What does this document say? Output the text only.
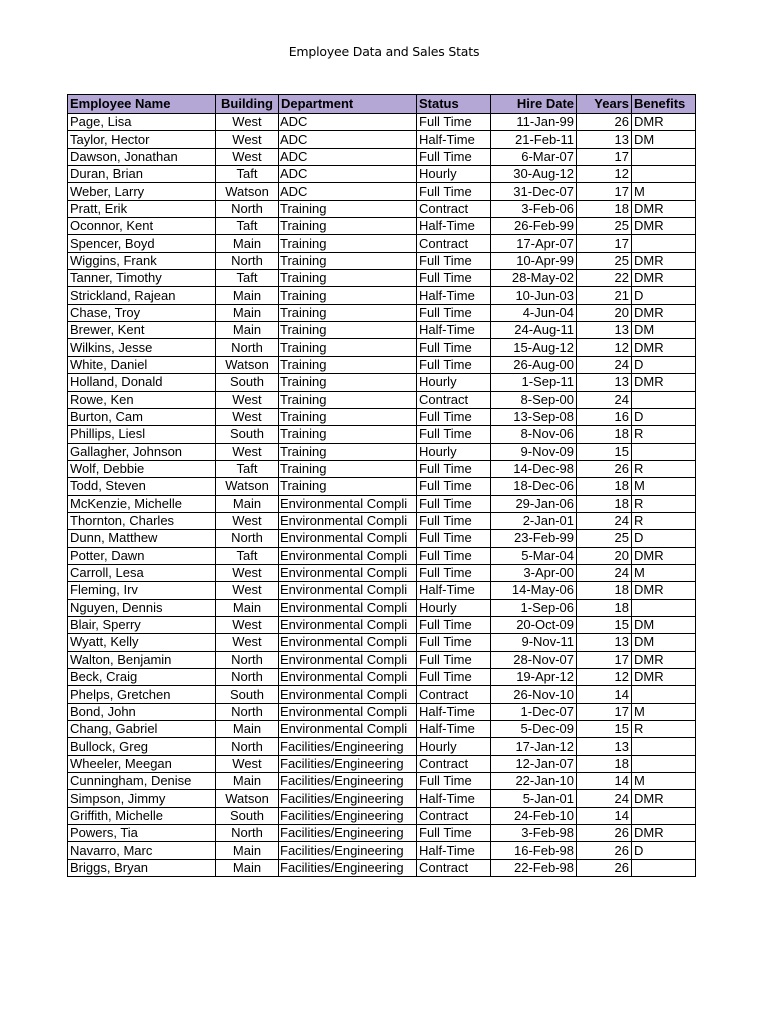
Employee Data and Sales Stats
Employee Name	Building	Department	Status	Hire Date	Years	Benefits
Page, Lisa	West	ADC	Full Time	11-Jan-99	26	DMR
Taylor, Hector	West	ADC	Half-Time	21-Feb-11	13	DM
Dawson, Jonathan	West	ADC	Full Time	6-Mar-07	17	
Duran, Brian	Taft	ADC	Hourly	30-Aug-12	12	
Weber, Larry	Watson	ADC	Full Time	31-Dec-07	17	M
Pratt, Erik	North	Training	Contract	3-Feb-06	18	DMR
Oconnor, Kent	Taft	Training	Half-Time	26-Feb-99	25	DMR
Spencer, Boyd	Main	Training	Contract	17-Apr-07	17	
Wiggins, Frank	North	Training	Full Time	10-Apr-99	25	DMR
Tanner, Timothy	Taft	Training	Full Time	28-May-02	22	DMR
Strickland, Rajean	Main	Training	Half-Time	10-Jun-03	21	D
Chase, Troy	Main	Training	Full Time	4-Jun-04	20	DMR
Brewer, Kent	Main	Training	Half-Time	24-Aug-11	13	DM
Wilkins, Jesse	North	Training	Full Time	15-Aug-12	12	DMR
White, Daniel	Watson	Training	Full Time	26-Aug-00	24	D
Holland, Donald	South	Training	Hourly	1-Sep-11	13	DMR
Rowe, Ken	West	Training	Contract	8-Sep-00	24	
Burton, Cam	West	Training	Full Time	13-Sep-08	16	D
Phillips, Liesl	South	Training	Full Time	8-Nov-06	18	R
Gallagher, Johnson	West	Training	Hourly	9-Nov-09	15	
Wolf, Debbie	Taft	Training	Full Time	14-Dec-98	26	R
Todd, Steven	Watson	Training	Full Time	18-Dec-06	18	M
McKenzie, Michelle	Main	Environmental Compli	Full Time	29-Jan-06	18	R
Thornton, Charles	West	Environmental Compli	Full Time	2-Jan-01	24	R
Dunn, Matthew	North	Environmental Compli	Full Time	23-Feb-99	25	D
Potter, Dawn	Taft	Environmental Compli	Full Time	5-Mar-04	20	DMR
Carroll, Lesa	West	Environmental Compli	Full Time	3-Apr-00	24	M
Fleming, Irv	West	Environmental Compli	Half-Time	14-May-06	18	DMR
Nguyen, Dennis	Main	Environmental Compli	Hourly	1-Sep-06	18	
Blair, Sperry	West	Environmental Compli	Full Time	20-Oct-09	15	DM
Wyatt, Kelly	West	Environmental Compli	Full Time	9-Nov-11	13	DM
Walton, Benjamin	North	Environmental Compli	Full Time	28-Nov-07	17	DMR
Beck, Craig	North	Environmental Compli	Full Time	19-Apr-12	12	DMR
Phelps, Gretchen	South	Environmental Compli	Contract	26-Nov-10	14	
Bond, John	North	Environmental Compli	Half-Time	1-Dec-07	17	M
Chang, Gabriel	Main	Environmental Compli	Half-Time	5-Dec-09	15	R
Bullock, Greg	North	Facilities/Engineering	Hourly	17-Jan-12	13	
Wheeler, Meegan	West	Facilities/Engineering	Contract	12-Jan-07	18	
Cunningham, Denise	Main	Facilities/Engineering	Full Time	22-Jan-10	14	M
Simpson, Jimmy	Watson	Facilities/Engineering	Half-Time	5-Jan-01	24	DMR
Griffith, Michelle	South	Facilities/Engineering	Contract	24-Feb-10	14	
Powers, Tia	North	Facilities/Engineering	Full Time	3-Feb-98	26	DMR
Navarro, Marc	Main	Facilities/Engineering	Half-Time	16-Feb-98	26	D
Briggs, Bryan	Main	Facilities/Engineering	Contract	22-Feb-98	26	
